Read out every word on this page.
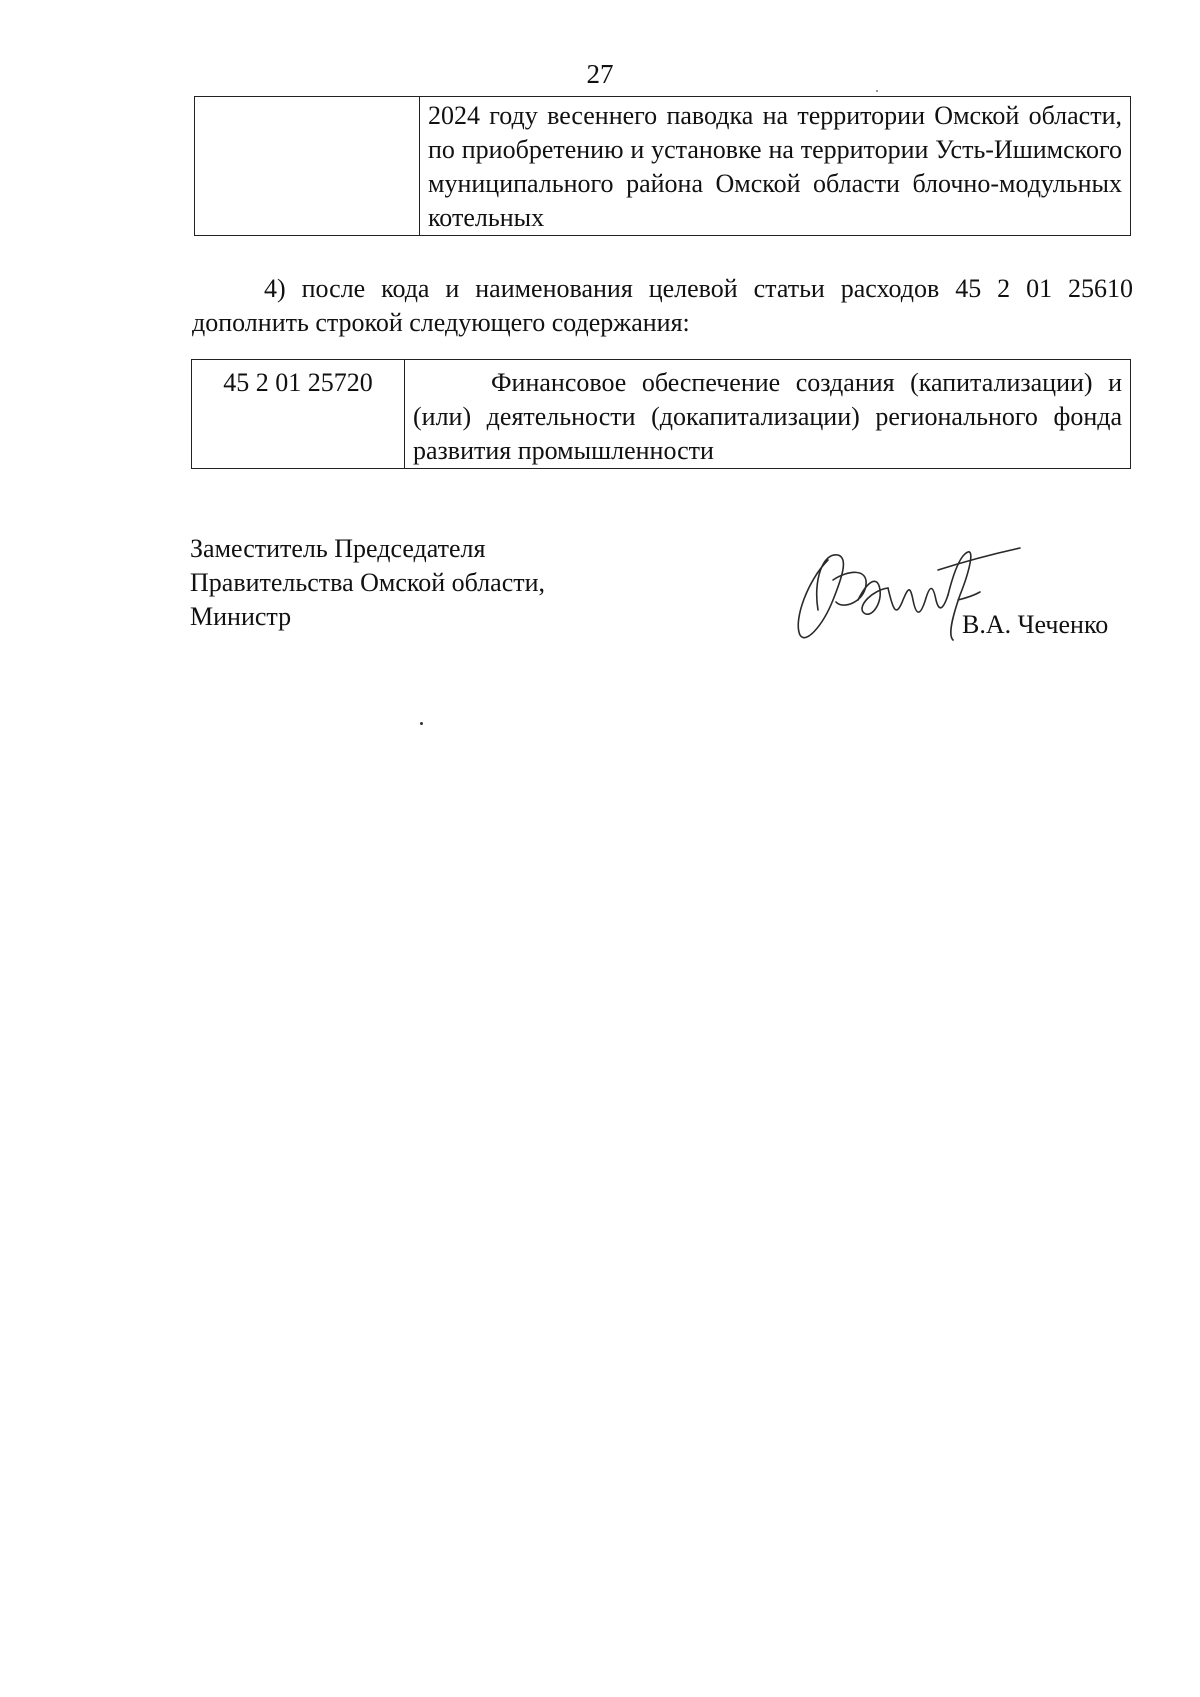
27
	2024 году весеннего паводка на территории Омской области, по приобретению и установке на территории Усть-Ишимского муниципального района Омской области блочно-модульных котельных

4) после кода и наименования целевой статьи расходов 45 2 01 25610 дополнить строкой следующего содержания:

45 2 01 25720	Финансовое обеспечение создания (капитализации) и (или) деятельности (докапитализации) регионального фонда развития промышленности
Заместитель Председателя
Правительства Омской области,
Министр	В.А. Чеченко
